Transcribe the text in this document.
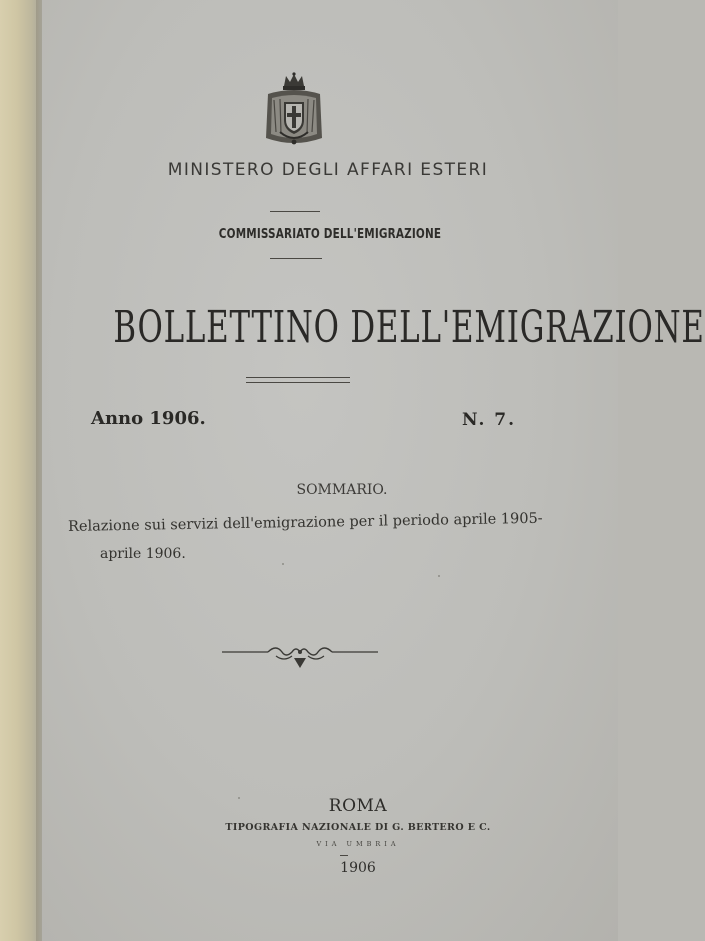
MINISTERO DEGLI AFFARI ESTERI
COMMISSARIATO DELL'EMIGRAZIONE
BOLLETTINO DELL'EMIGRAZIONE
Anno 1906.	N. 7.
SOMMARIO.
Relazione sui servizi dell'emigrazione per il periodo aprile 1905-
aprile 1906.
ROMA
TIPOGRAFIA NAZIONALE DI G. BERTERO E C.
VIA UMBRIA
1906
